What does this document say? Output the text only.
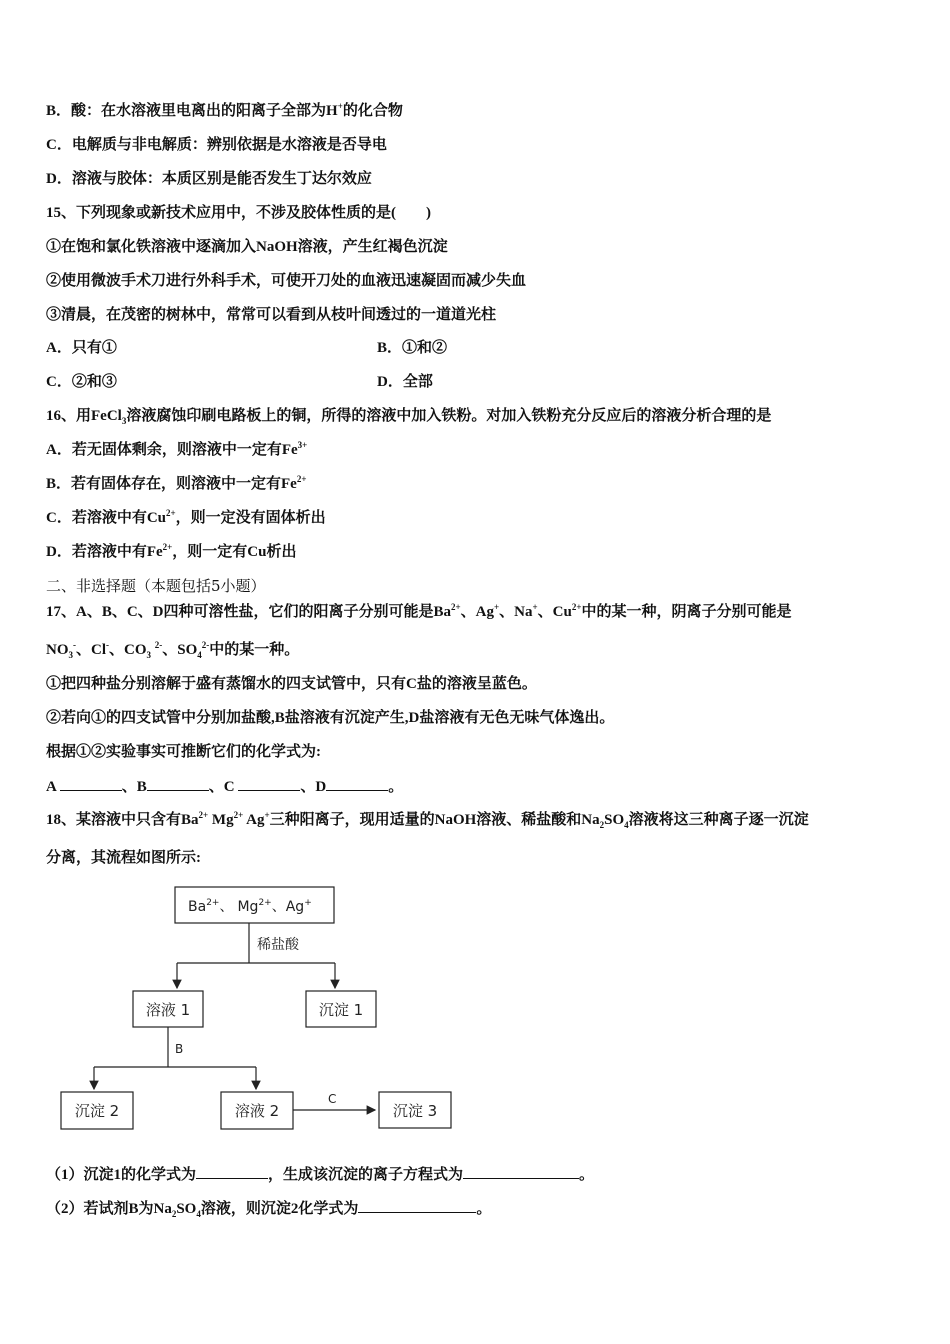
B．酸：在水溶液里电离出的阳离子全部为H+的化合物
C．电解质与非电解质：辨别依据是水溶液是否导电
D．溶液与胶体：本质区别是能否发生丁达尔效应
15、下列现象或新技术应用中，不涉及胶体性质的是(　　)
①在饱和氯化铁溶液中逐滴加入NaOH溶液，产生红褐色沉淀
②使用微波手术刀进行外科手术，可使开刀处的血液迅速凝固而减少失血
③清晨，在茂密的树林中，常常可以看到从枝叶间透过的一道道光柱
A．只有①	B．①和②
C．②和③	D．全部
16、用FeCl$_3$溶液腐蚀印刷电路板上的铜，所得的溶液中加入铁粉。对加入铁粉充分反应后的溶液分析合理的是
A．若无固体剩余，则溶液中一定有$Fe^{3+}$
B．若有固体存在，则溶液中一定有$Fe^{2+}$
C．若溶液中有$Cu^{2+}$，则一定没有固体析出
D．若溶液中有$Fe^{2+}$，则一定有Cu析出
二、非选择题（本题包括5小题）
17、A、B、C、D四种可溶性盐，它们的阳离子分别可能是$Ba^{2+}$、Ag+、Na+、$Cu^{2+}$中的某一种，阴离子分别可能是
$NO_3^-$、Cl-、$CO_3$ $^{2-}$、$SO_4^{2-}$中的某一种。
①把四种盐分别溶解于盛有蒸馏水的四支试管中，只有C盐的溶液呈蓝色。
②若向①的四支试管中分别加盐酸,B盐溶液有沉淀产生,D盐溶液有无色无味气体逸出。
根据①②实验事实可推断它们的化学式为:
A	、B	、C	、D	。
18、某溶液中只含有$Ba^{2+}$ $Mg^{2+}$ Ag+三种阳离子，现用适量的NaOH溶液、稀盐酸和$Na_2SO_4$溶液将这三种离子逐一沉淀
分离，其流程如图所示:
$Ba^{2+}$、 $Mg^{2+}$、Ag+
稀盐酸
溶液 1	沉淀 1
B
沉淀 2	溶液 2
C
沉淀 3
（1）沉淀1的化学式为	，生成该沉淀的离子方程式为	。
（2）若试剂B为$Na_2SO_4$溶液，则沉淀2化学式为	。
